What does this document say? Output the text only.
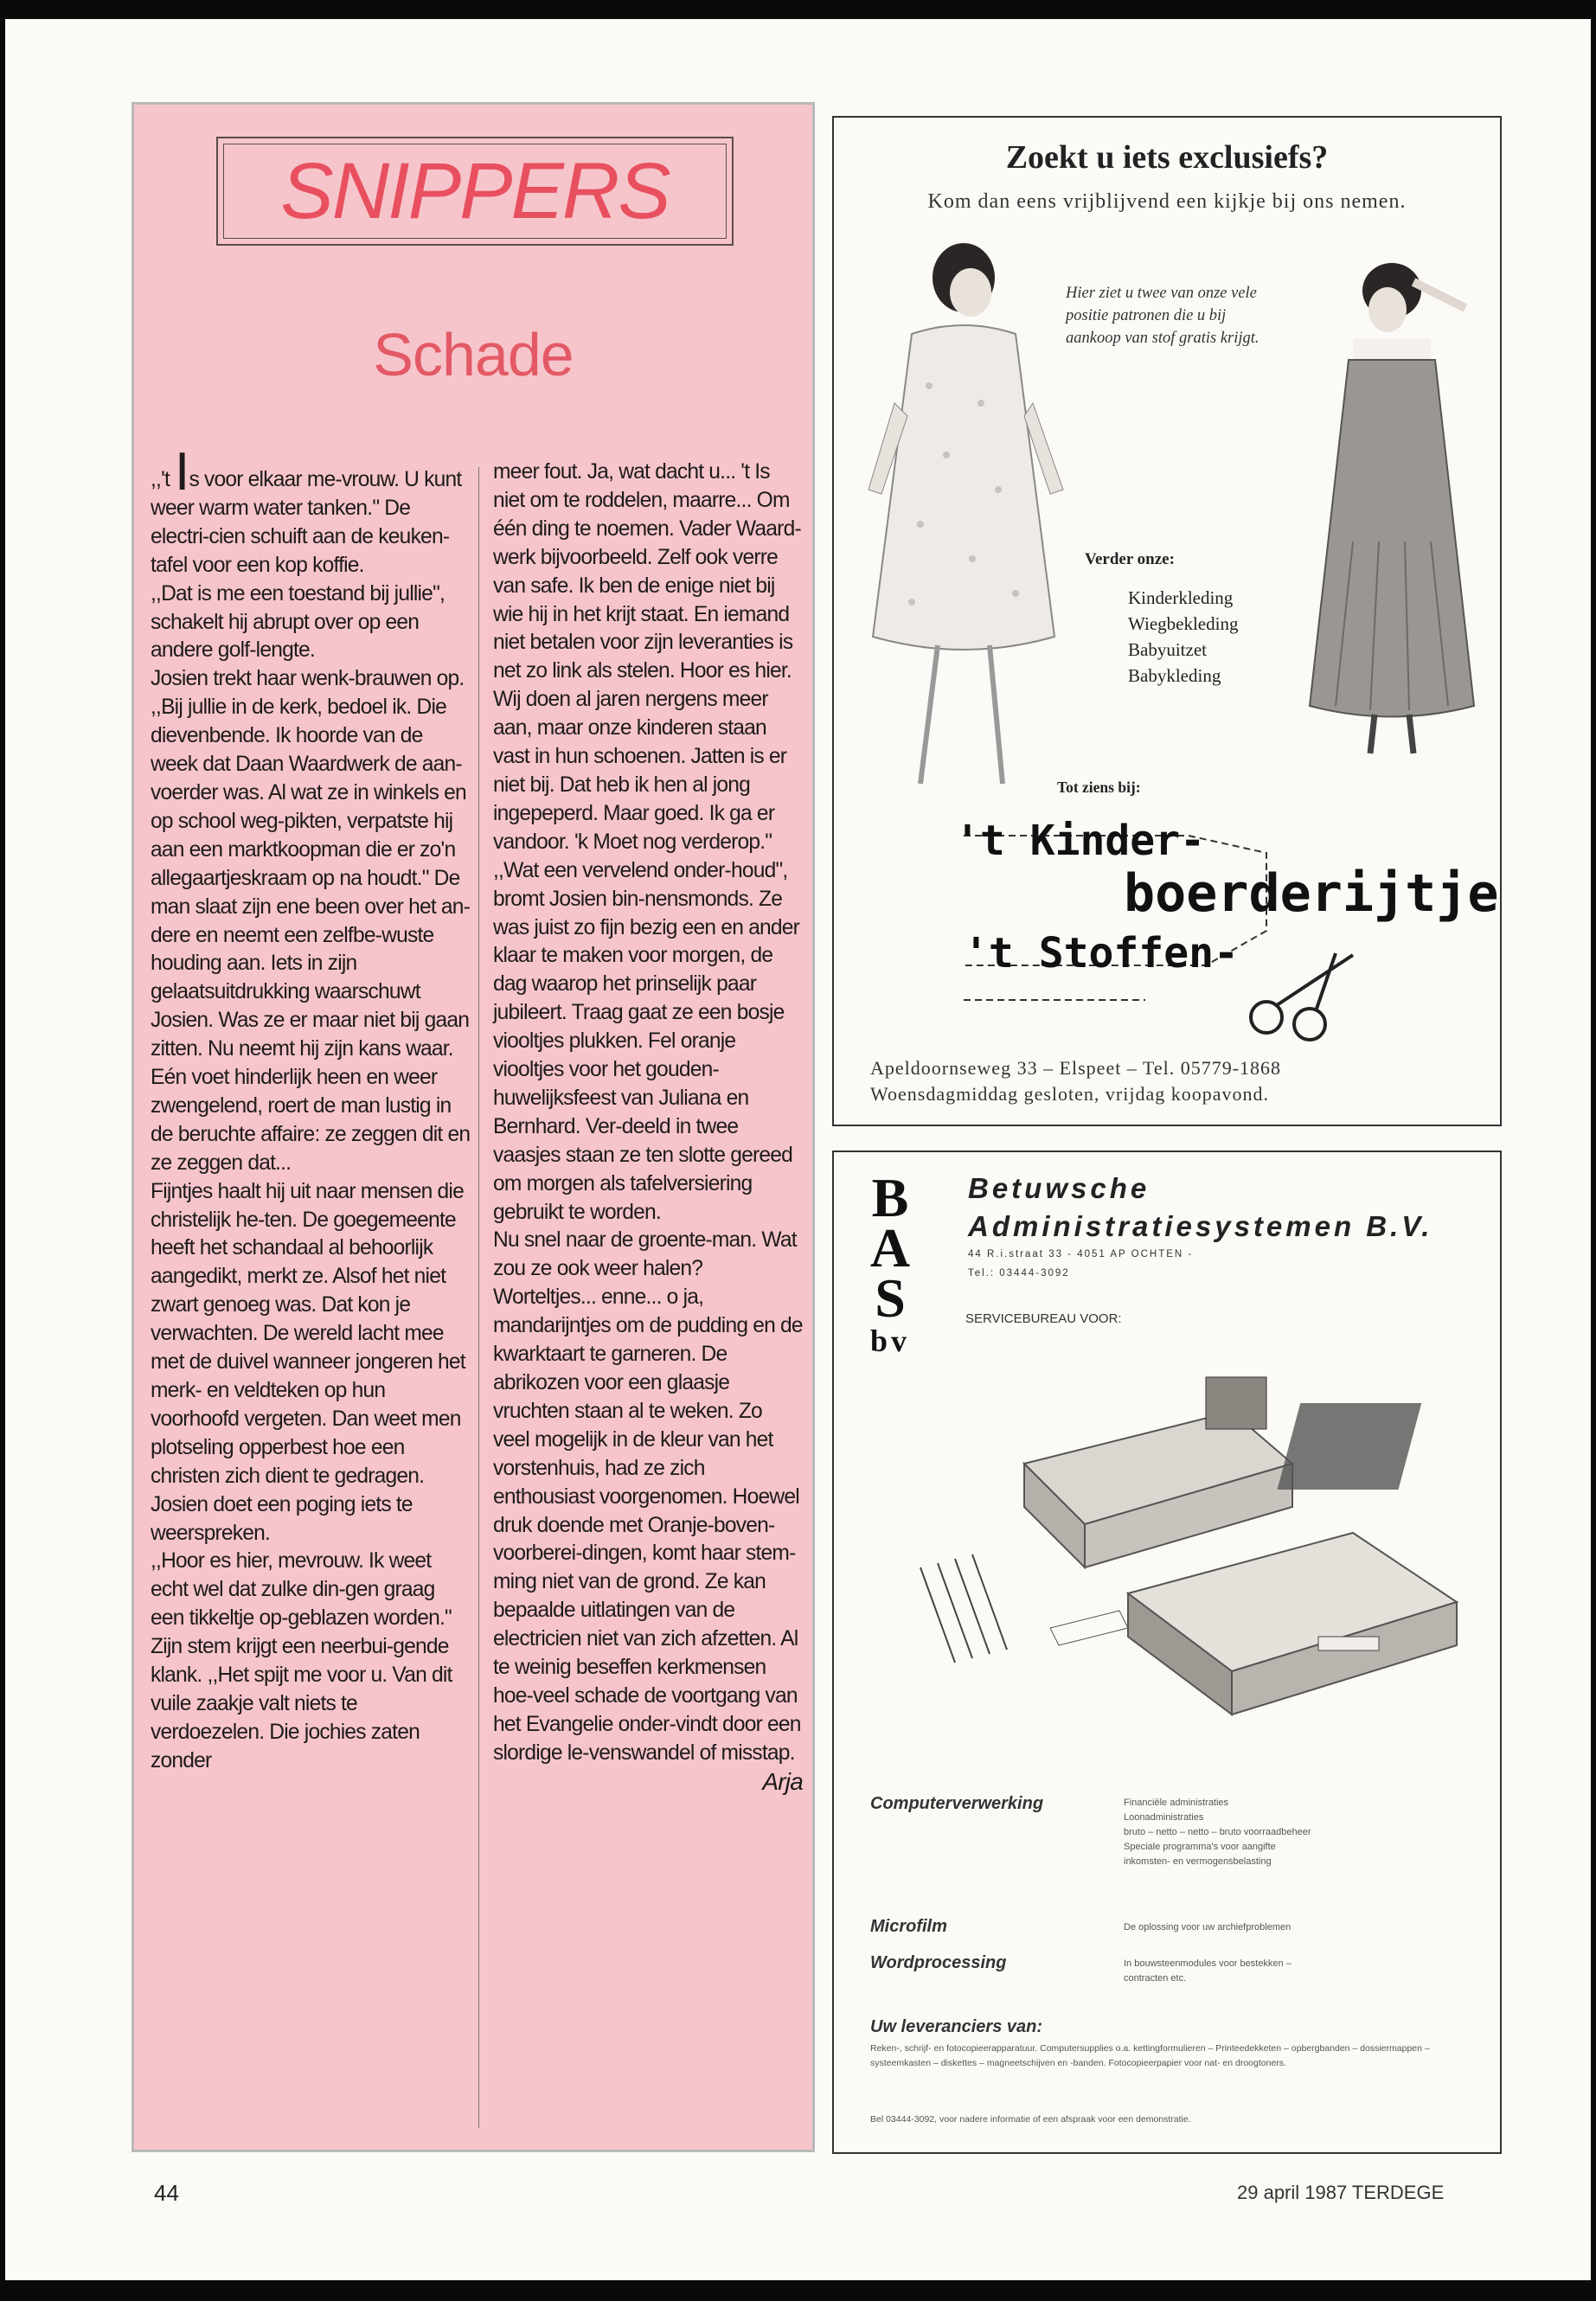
SNIPPERS
Schade

,,'t Is voor elkaar me-vrouw. U kunt weer warm water tanken." De electri-cien schuift aan de keuken-tafel voor een kop koffie.

,,Dat is me een toestand bij jullie", schakelt hij abrupt over op een andere golf-lengte.

Josien trekt haar wenk-brauwen op.

,,Bij jullie in de kerk, bedoel ik. Die dievenbende. Ik hoorde van de week dat Daan Waardwerk de aan-voerder was. Al wat ze in winkels en op school weg-pikten, verpatste hij aan een marktkoopman die er zo'n allegaartjeskraam op na houdt." De man slaat zijn ene been over het an-dere en neemt een zelfbe-wuste houding aan. Iets in zijn gelaatsuitdrukking waarschuwt Josien. Was ze er maar niet bij gaan zitten. Nu neemt hij zijn kans waar. Eén voet hinderlijk heen en weer zwengelend, roert de man lustig in de beruchte affaire: ze zeggen dit en ze zeggen dat...

Fijntjes haalt hij uit naar mensen die christelijk he-ten. De goegemeente heeft het schandaal al behoorlijk aangedikt, merkt ze. Alsof het niet zwart genoeg was. Dat kon je verwachten. De wereld lacht mee met de duivel wanneer jongeren het merk- en veldteken op hun voorhoofd vergeten. Dan weet men plotseling opperbest hoe een christen zich dient te gedragen.

Josien doet een poging iets te weerspreken.

,,Hoor es hier, mevrouw. Ik weet echt wel dat zulke din-gen graag een tikkeltje op-geblazen worden." Zijn stem krijgt een neerbui-gende klank. ,,Het spijt me voor u. Van dit vuile zaakje valt niets te verdoezelen. Die jochies zaten zonder

meer fout. Ja, wat dacht u... 't Is niet om te roddelen, maarre... Om één ding te noemen. Vader Waard-werk bijvoorbeeld. Zelf ook verre van safe. Ik ben de enige niet bij wie hij in het krijt staat. En iemand niet betalen voor zijn leveranties is net zo link als stelen. Hoor es hier. Wij doen al jaren nergens meer aan, maar onze kinderen staan vast in hun schoenen. Jatten is er niet bij. Dat heb ik hen al jong ingepeperd. Maar goed. Ik ga er vandoor. 'k Moet nog verderop."

,,Wat een vervelend onder-houd", bromt Josien bin-nensmonds. Ze was juist zo fijn bezig een en ander klaar te maken voor morgen, de dag waarop het prinselijk paar jubileert. Traag gaat ze een bosje viooltjes plukken. Fel oranje viooltjes voor het gouden-huwelijksfeest van Juliana en Bernhard. Ver-deeld in twee vaasjes staan ze ten slotte gereed om morgen als tafelversiering gebruikt te worden.

Nu snel naar de groente-man. Wat zou ze ook weer halen? Worteltjes... enne... o ja, mandarijntjes om de pudding en de kwarktaart te garneren. De abrikozen voor een glaasje vruchten staan al te weken. Zo veel mogelijk in de kleur van het vorstenhuis, had ze zich enthousiast voorgenomen. Hoewel druk doende met Oranje-boven-voorberei-dingen, komt haar stem-ming niet van de grond. Ze kan bepaalde uitlatingen van de electricien niet van zich afzetten. Al te weinig beseffen kerkmensen hoe-veel schade de voortgang van het Evangelie onder-vindt door een slordige le-venswandel of misstap.

Arja
Zoekt u iets exclusiefs?
Kom dan eens vrijblijvend een kijkje bij ons nemen.
Hier ziet u twee van onze vele positie patronen die u bij aankoop van stof gratis krijgt.
Verder onze:
Kinderkleding
Wiegbekleding
Babyuitzet
Babykleding
Tot ziens bij:
't Kinder-
boerderijtje
't Stoffen-
Apeldoornseweg 33 – Elspeet – Tel. 05779-1868
Woensdagmiddag gesloten, vrijdag koopavond.
B
A
S
bv
Betuwsche
Administratiesystemen B.V.
44 R.i.straat 33 - 4051 AP OCHTEN -
Tel.: 03444-3092
SERVICEBUREAU VOOR:
Computerverwerking	Financiële administraties
Loonadministraties
bruto – netto – netto – bruto voorraadbeheer
Speciale programma's voor aangifte
inkomsten- en vermogensbelasting
Microfilm	De oplossing voor uw archiefproblemen
Wordprocessing	In bouwsteenmodules voor bestekken –
contracten etc.
Uw leveranciers van:
Reken-, schrijf- en fotocopieerapparatuur. Computersupplies o.a. kettingformulieren – Printeedekketen – opbergbanden – dossiermappen – systeemkasten – diskettes – magneetschijven en -banden. Fotocopieerpapier voor nat- en droogtoners.
Bel 03444-3092, voor nadere informatie of een afspraak voor een demonstratie.
44	29 april 1987 TERDEGE
